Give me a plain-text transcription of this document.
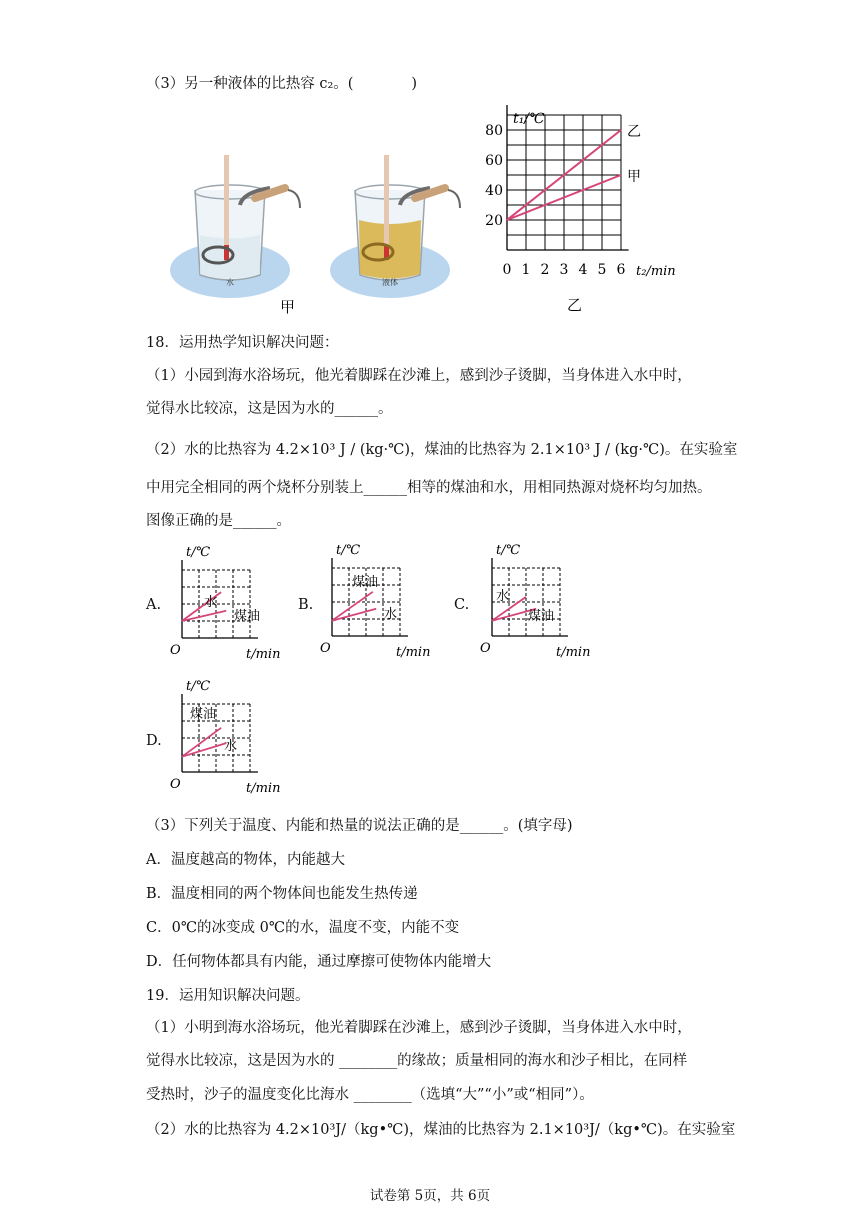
（3）另一种液体的比热容 c₂。(　　　　)
水	液体
甲
20
40
60
80
0 1 2 3 4 5 6
乙
甲
t₁/℃
t₂/min
乙
18．运用热学知识解决问题：
（1）小园到海水浴场玩，他光着脚踩在沙滩上，感到沙子烫脚，当身体进入水中时，
觉得水比较凉，这是因为水的______。
（2）水的比热容为 4.2×10³ J / (kg·℃)，煤油的比热容为 2.1×10³ J / (kg·℃)。在实验室
中用完全相同的两个烧杯分别装上______相等的煤油和水，用相同热源对烧杯均匀加热。
图像正确的是______。
A.	水
煤油
t/℃
t/min
O
B.
煤油
水
t/℃
t/min
O
C.
水
煤油
t/℃
t/min
O
D.
煤油
水
t/℃
t/min
O
（3）下列关于温度、内能和热量的说法正确的是______。(填字母)
A．温度越高的物体，内能越大
B．温度相同的两个物体间也能发生热传递
C．0℃的冰变成 0℃的水，温度不变，内能不变
D．任何物体都具有内能，通过摩擦可使物体内能增大
19．运用知识解决问题。
（1）小明到海水浴场玩，他光着脚踩在沙滩上，感到沙子烫脚，当身体进入水中时，
觉得水比较凉，这是因为水的 ________的缘故；质量相同的海水和沙子相比，在同样
受热时，沙子的温度变化比海水 ________（选填“大”“小”或“相同”）。
（2）水的比热容为 4.2×10³J/（kg•℃)，煤油的比热容为 2.1×10³J/（kg•℃)。在实验室
试卷第 5页，共 6页
